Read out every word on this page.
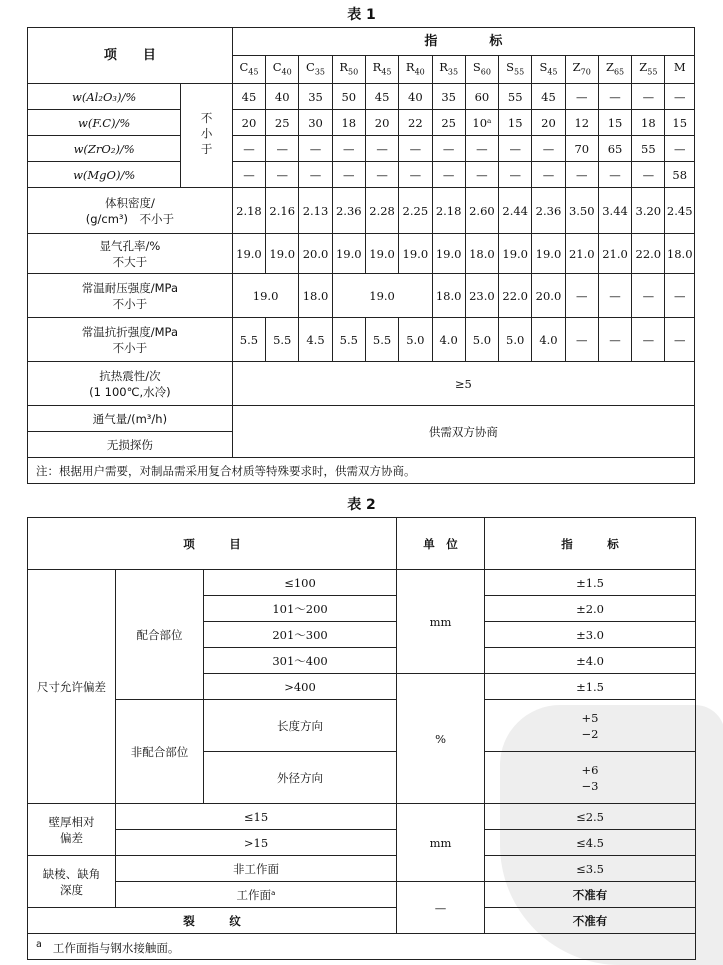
表 1
项　　目		指　　　　标													
		$C_{45}$	$C_{40}$	$C_{35}$	$R_{50}$	$R_{45}$	$R_{40}$	$R_{35}$	$S_{60}$	$S_{55}$	$S_{45}$	$Z_{70}$	$Z_{65}$	$Z_{55}$	M
w(Al₂O₃)/%	不小于	45	40	35	50	45	40	35	60	55	45	—	—	—	—
w(F.C)/%		20	25	30	18	20	22	25	10ᵃ	15	20	12	15	18	15
w(ZrO₂)/%		—	—	—	—	—	—	—	—	—	—	70	65	55	—
w(MgO)/%		—	—	—	—	—	—	—	—	—	—	—	—	—	58

体积密度/
(g/cm³)　不小于		2.18	2.16	2.13	2.36	2.28	2.25	2.18	2.60	2.44	2.36	3.50	3.44	3.20	2.45

显气孔率/%
不大于		19.0	19.0	20.0	19.0	19.0	19.0	19.0	18.0	19.0	19.0	21.0	21.0	22.0	18.0

常温耐压强度/MPa
不小于		19.0		18.0	19.0			18.0	23.0	22.0	20.0	—	—	—	—

常温抗折强度/MPa
不小于		5.5	5.5	4.5	5.5	5.5	5.0	4.0	5.0	5.0	4.0	—	—	—	—

抗热震性/次
(1 100℃,水冷)		≥5													
通气量/(m³/h)		供需双方协商													
无损探伤															
注：根据用户需要，对制品需采用复合材质等特殊要求时，供需双方协商。															
表 2
项　　　目			单　位	指　　　标
尺寸允许偏差	配合部位	≤100	mm	±1.5
		101～200		±2.0
		201～300		±3.0
		301～400		±4.0
		>400	%	±1.5
	非配合部位	长度方向		+5
−2

		外径方向		+6
−3

壁厚相对
偏差	≤15		mm	≤2.5
	>15			≤4.5

缺棱、缺角
深度	非工作面			≤3.5
	工作面ᵃ		—	不准有
裂　　　纹				不准有
$^a$ 工作面指与钢水接触面。				
